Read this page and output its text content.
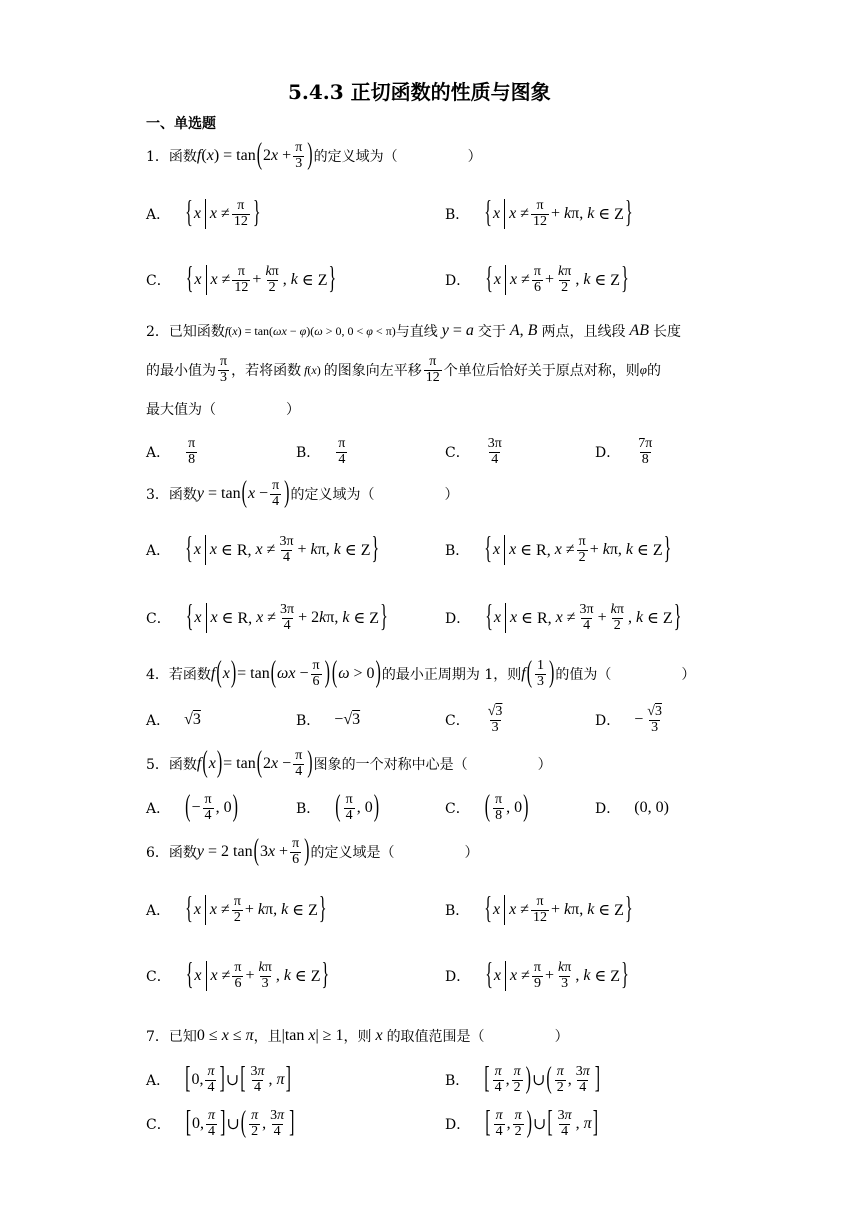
5.4.3 正切函数的性质与图象
一、单选题
1． 函数 f ( x ) = tan ( 2 $x + \frac{\pi}{3}$ ) 的定义域为（	）
A． { x $x \ne \frac{\pi}{12}$ }	B． { x $x \ne \frac{\pi}{12} + k$ π, k ∈ Z }
C． { x $x \ne \frac{\pi}{12} + \frac{k\pi}{2}$ , k ∈ Z }	D． { x $x \ne \frac{\pi}{6} + \frac{k\pi}{2}$ , k ∈ Z }
2． 已知函数 f ( x ) = tan( ωx − φ )( ω > 0, 0 < φ < π) 与直线
y = a
交于
A , B
两点，且线段
AB
长度
的最小值为 $\frac{\pi}{3}$ ，若将函数
f ( x ) 的图象向左平移 $\frac{\pi}{12}$ 个单位后恰好关于原点对称，则 φ 的
最大值为（	）
A． $\frac{\pi}{8}$	B． $\frac{\pi}{4}$	C． $\frac{3\pi}{4}$	D． $\frac{7\pi}{8}$
3． 函数 y = tan ( $x - \frac{\pi}{4}$ ) 的定义域为（	）
A． { x x ∈ R, $x \ne \frac{3\pi}{4} + k$ π, k ∈ Z }	B． { x x ∈ R, $x \ne \frac{\pi}{2} + k$ π, k ∈ Z }
C． { x x ∈ R, $x \ne \frac{3\pi}{4} + 2$ k π, k ∈ Z }	D． { x x ∈ R, $x \ne \frac{3\pi}{4} + \frac{k\pi}{2}$ , k ∈ Z }
4． 若函数 f ( x ) = tan ( $\omega x - \frac{\pi}{6}$ ) ( ω > 0 ) 的最小正周期为 1，则 f ( $\frac{1}{3}$ ) 的值为（	）
A． √ 3	B． −√ 3	C． $\frac{√3}{3}$	D． − $\frac{√3}{3}$
5． 函数 f ( x ) = tan ( 2 $x - \frac{\pi}{4}$ ) 图象的一个对称中心是（	）
A． ( − $\frac{\pi}{4}$ , 0 )	B． ( $\frac{\pi}{4}$ , 0 )	C． ( $\frac{\pi}{8}$ , 0 )	D． (0, 0)
6． 函数 y = 2 tan ( 3 $x + \frac{\pi}{6}$ ) 的定义域是（	）
A． { x $x \ne \frac{\pi}{2} + k$ π, k ∈ Z }	B． { x $x \ne \frac{\pi}{12} + k$ π, k ∈ Z }
C． { x $x \ne \frac{\pi}{6} + \frac{k\pi}{3}$ , k ∈ Z }	D． { x $x \ne \frac{\pi}{9} + \frac{k\pi}{3}$ , k ∈ Z }
7． 已知 0 ≤ x ≤ π ，且 |tan x | ≥ 1 ，则
x
的取值范围是（	）
A． [ 0, $\frac{\pi}{4}$ ] ∪ [ $\frac{3\pi}{4}$ , π ]	B． [ $\frac{\pi}{4}$ , $\frac{\pi}{2}$ ) ∪ ( $\frac{\pi}{2}$ , $\frac{3\pi}{4}$ ]
C． [ 0, $\frac{\pi}{4}$ ] ∪ ( $\frac{\pi}{2}$ , $\frac{3\pi}{4}$ ]	D． [ $\frac{\pi}{4}$ , $\frac{\pi}{2}$ ) ∪ [ $\frac{3\pi}{4}$ , π ]
